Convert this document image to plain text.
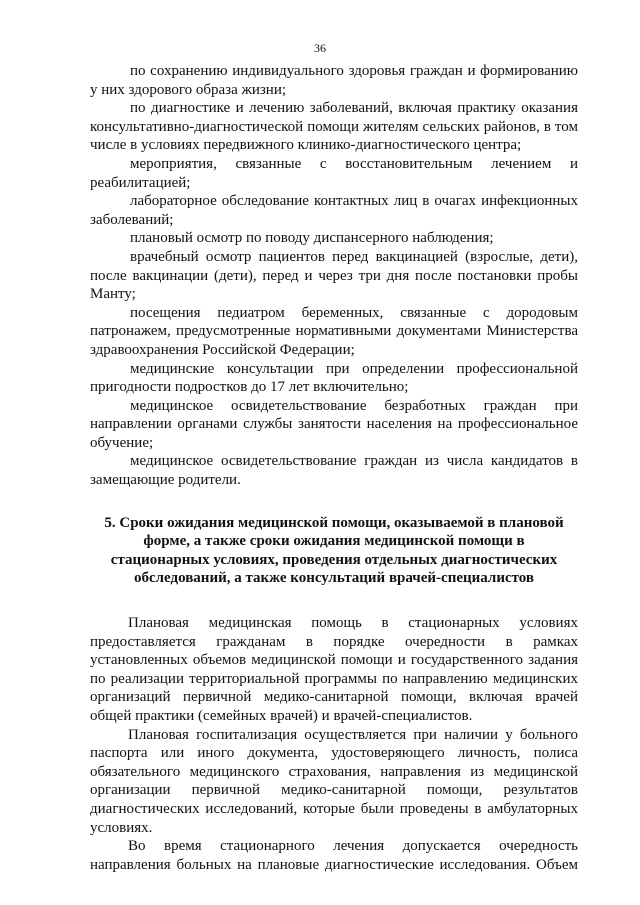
36

по сохранению индивидуального здоровья граждан и формированию у них здорового образа жизни;

по диагностике и лечению заболеваний, включая практику оказания консультативно-диагностической помощи жителям сельских районов, в том числе в условиях передвижного клинико-диагностического центра;

мероприятия, связанные с восстановительным лечением и реабилитацией;

лабораторное обследование контактных лиц в очагах инфекционных заболеваний;

плановый осмотр по поводу диспансерного наблюдения;

врачебный осмотр пациентов перед вакцинацией (взрослые, дети), после вакцинации (дети), перед и через три дня после постановки пробы Манту;

посещения педиатром беременных, связанные с дородовым патронажем, предусмотренные нормативными документами Министерства здравоохранения Российской Федерации;

медицинские консультации при определении профессиональной пригодности подростков до 17 лет включительно;

медицинское освидетельствование безработных граждан при направлении органами службы занятости населения на профессиональное обучение;

медицинское освидетельствование граждан из числа кандидатов в замещающие родители.

5. Сроки ожидания медицинской помощи, оказываемой в плановой форме, а также сроки ожидания медицинской помощи в стационарных условиях, проведения отдельных диагностических обследований, а также консультаций врачей-специалистов

Плановая медицинская помощь в стационарных условиях предоставляется гражданам в порядке очередности в рамках установленных объемов медицинской помощи и государственного задания по реализации территориальной программы по направлению медицинских организаций первичной медико-санитарной помощи, включая врачей общей практики (семейных врачей) и врачей-специалистов.

Плановая госпитализация осуществляется при наличии у больного паспорта или иного документа, удостоверяющего личность, полиса обязательного медицинского страхования, направления из медицинской организации первичной медико-санитарной помощи, результатов диагностических исследований, которые были проведены в амбулаторных условиях.

Во время стационарного лечения допускается очередность направления больных на плановые диагностические исследования. Объем
